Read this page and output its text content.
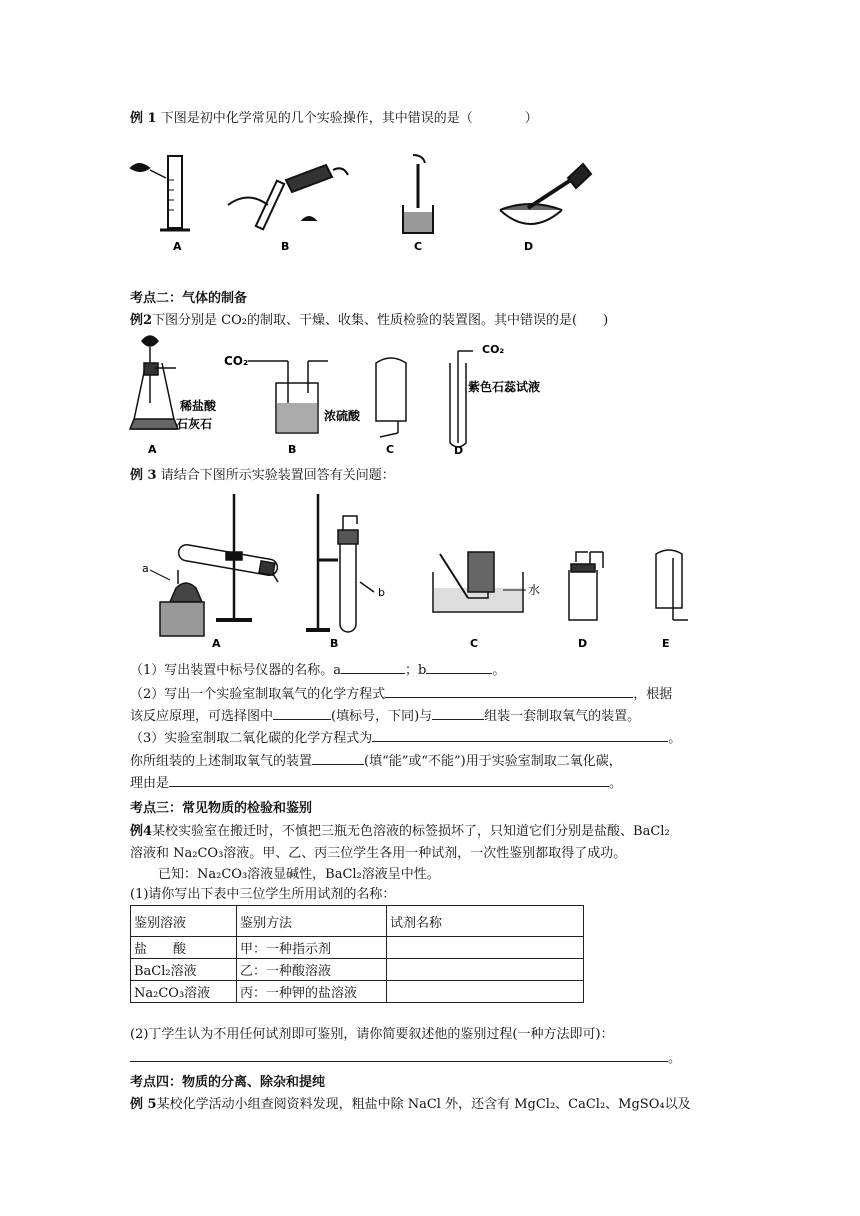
例 1 下图是初中化学常见的几个实验操作，其中错误的是（　　　　）
A	B	C	D
考点二：气体的制备
例2下图分别是 CO₂的制取、干燥、收集、性质检验的装置图。其中错误的是(　　)
稀盐酸
石灰石
A
CO₂
浓硫酸
B	C
CO₂
紫色石蕊试液
D
例 3 请结合下图所示实验装置回答有关问题：
a
A
b
B
水
C	D	E
（1）写出装置中标号仪器的名称。a	；b	。
（2）写出一个实验室制取氧气的化学方程式	，根据
该反应原理，可选择图中	(填标号，下同)与	组装一套制取氧气的装置。
（3）实验室制取二氧化碳的化学方程式为	。
你所组装的上述制取氧气的装置	(填“能”或“不能”)用于实验室制取二氧化碳，
理由是	。
考点三：常见物质的检验和鉴别
例4某校实验室在搬迁时，不慎把三瓶无色溶液的标签损坏了，只知道它们分别是盐酸、BaCl₂
溶液和 Na₂CO₃溶液。甲、乙、丙三位学生各用一种试剂，一次性鉴别都取得了成功。
已知：Na₂CO₃溶液显碱性，BaCl₂溶液呈中性。
(1)请你写出下表中三位学生所用试剂的名称：
鉴别溶液	鉴别方法	试剂名称
盐　　酸	甲：一种指示剂	
BaCl₂溶液	乙：一种酸溶液	
Na₂CO₃溶液	丙：一种钾的盐溶液	
(2)丁学生认为不用任何试剂即可鉴别，请你简要叙述他的鉴别过程(一种方法即可)：
。
考点四：物质的分离、除杂和提纯
例 5某校化学活动小组查阅资料发现，粗盐中除 NaCl 外，还含有 MgCl₂、CaCl₂、MgSO₄以及
